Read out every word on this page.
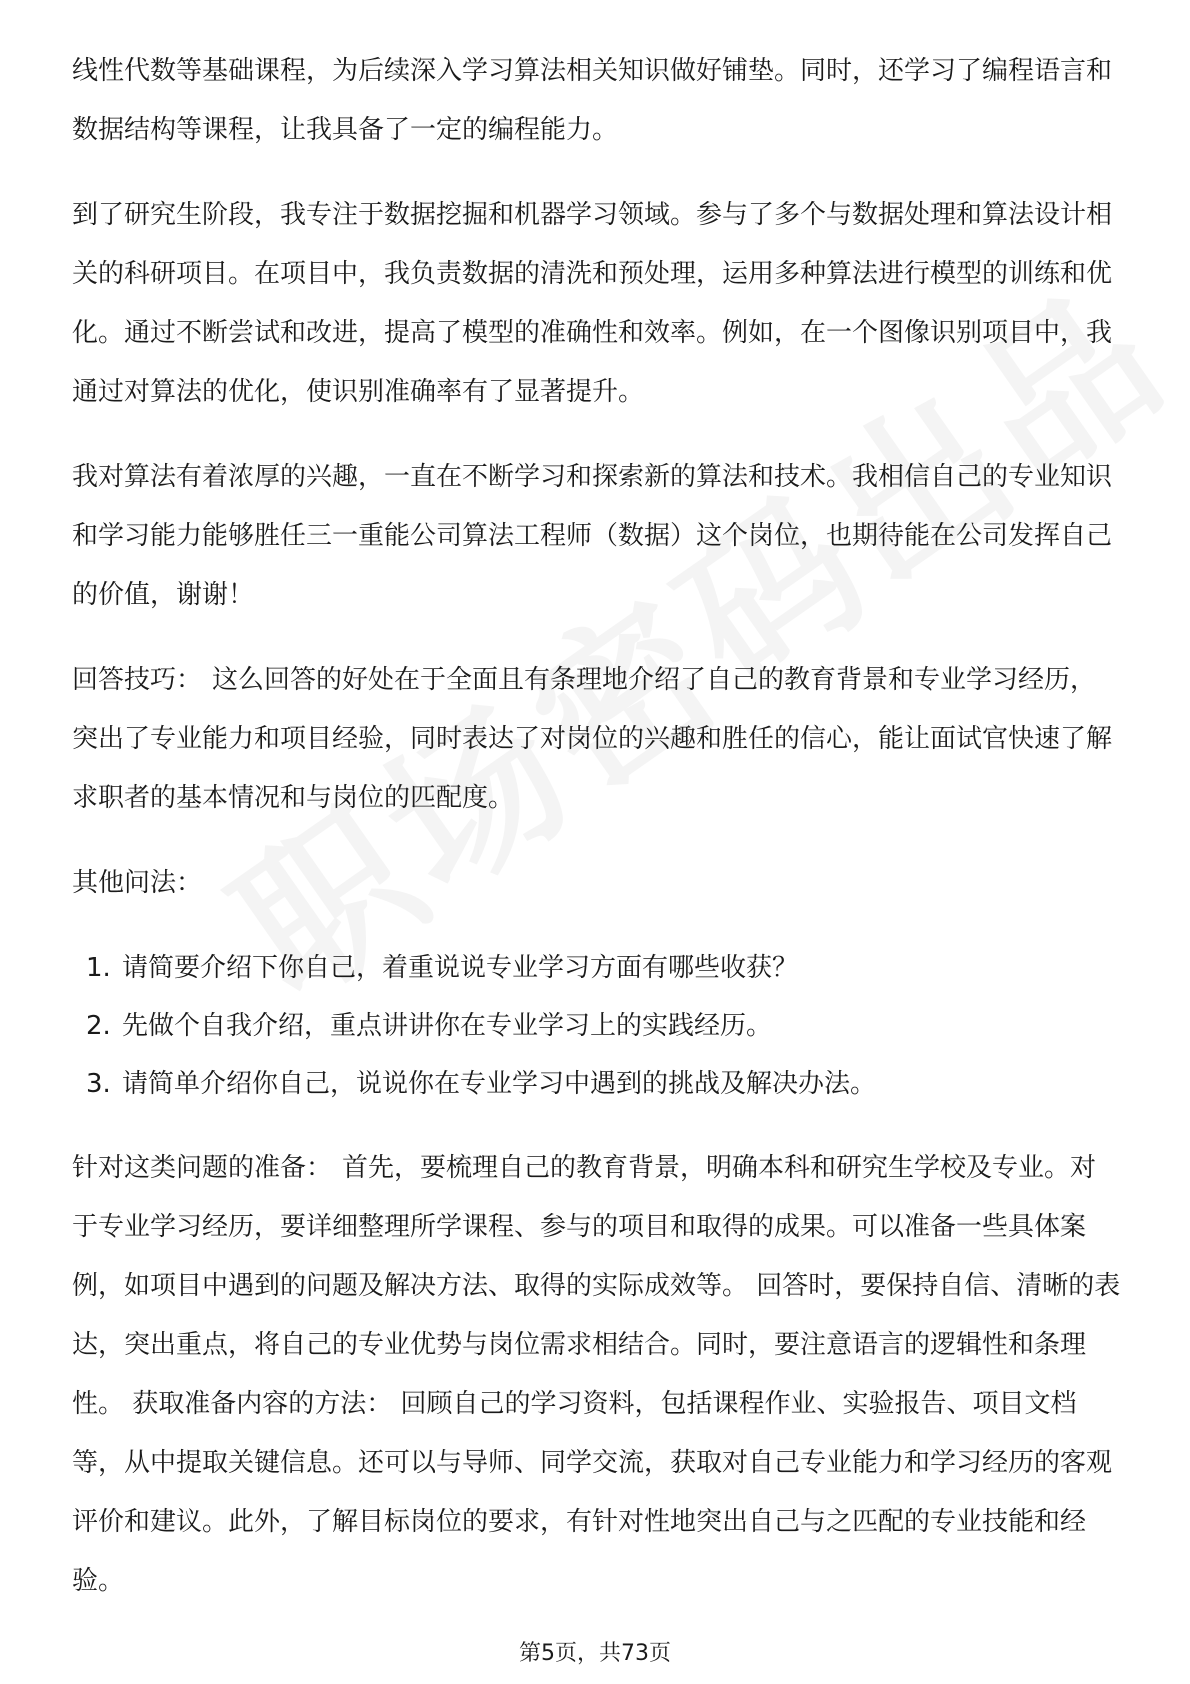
线性代数等基础课程，为后续深入学习算法相关知识做好铺垫。同时，还学习了编程语言和数据结构等课程，让我具备了一定的编程能力。

到了研究生阶段，我专注于数据挖掘和机器学习领域。参与了多个与数据处理和算法设计相关的科研项目。在项目中，我负责数据的清洗和预处理，运用多种算法进行模型的训练和优化。通过不断尝试和改进，提高了模型的准确性和效率。例如，在一个图像识别项目中，我通过对算法的优化，使识别准确率有了显著提升。

我对算法有着浓厚的兴趣，一直在不断学习和探索新的算法和技术。我相信自己的专业知识和学习能力能够胜任三一重能公司算法工程师（数据）这个岗位，也期待能在公司发挥自己的价值，谢谢！

回答技巧： 这么回答的好处在于全面且有条理地介绍了自己的教育背景和专业学习经历，突出了专业能力和项目经验，同时表达了对岗位的兴趣和胜任的信心，能让面试官快速了解求职者的基本情况和与岗位的匹配度。

其他问法：

1. 请简要介绍下你自己，着重说说专业学习方面有哪些收获？
2. 先做个自我介绍，重点讲讲你在专业学习上的实践经历。
3. 请简单介绍你自己，说说你在专业学习中遇到的挑战及解决办法。

针对这类问题的准备： 首先，要梳理自己的教育背景，明确本科和研究生学校及专业。对于专业学习经历，要详细整理所学课程、参与的项目和取得的成果。可以准备一些具体案例，如项目中遇到的问题及解决方法、取得的实际成效等。 回答时，要保持自信、清晰的表达，突出重点，将自己的专业优势与岗位需求相结合。同时，要注意语言的逻辑性和条理性。 获取准备内容的方法： 回顾自己的学习资料，包括课程作业、实验报告、项目文档等，从中提取关键信息。还可以与导师、同学交流，获取对自己专业能力和学习经历的客观评价和建议。此外，了解目标岗位的要求，有针对性地突出自己与之匹配的专业技能和经验。

第5页，共73页
